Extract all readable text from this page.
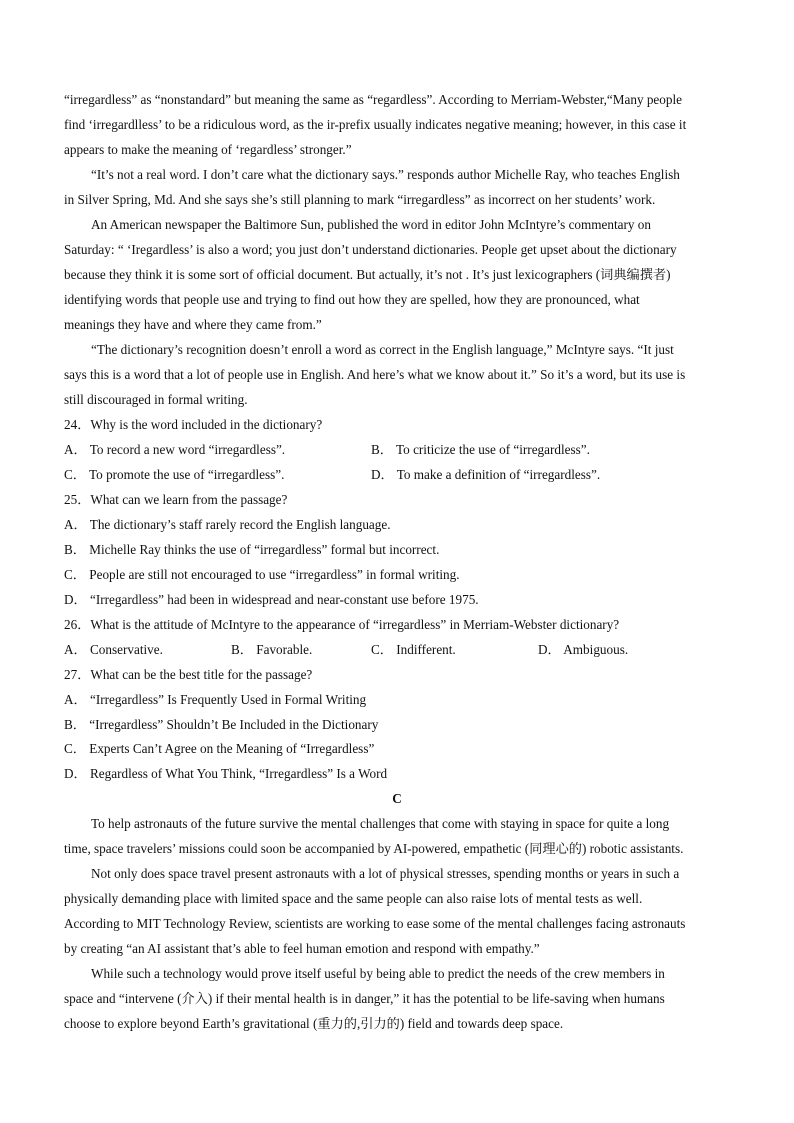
“irregardless” as “nonstandard” but meaning the same as “regardless”. According to Merriam-Webster,“Many people
find ‘irregardlless’ to be a ridiculous word, as the ir-prefix usually indicates negative meaning; however, in this case it
appears to make the meaning of ‘regardless’ stronger.”
“It’s not a real word. I don’t care what the dictionary says.” responds author Michelle Ray, who teaches English
in Silver Spring, Md. And she says she’s still planning to mark “irregardless” as incorrect on her students’ work.
An American newspaper the Baltimore Sun, published the word in editor John McIntyre’s commentary on
Saturday: “ ‘Iregardless’ is also a word; you just don’t understand dictionaries. People get upset about the dictionary
because they think it is some sort of official document. But actually, it’s not . It’s just lexicographers (词典编撰者)
identifying words that people use and trying to find out how they are spelled, how they are pronounced, what
meanings they have and where they came from.”
“The dictionary’s recognition doesn’t enroll a word as correct in the English language,” McIntyre says. “It just
says this is a word that a lot of people use in English. And here’s what we know about it.” So it’s a word, but its use is
still discouraged in formal writing.
24．Why is the word included in the dictionary?
A． To record a new word “irregardless”.	B． To criticize the use of “irregardless”.
C． To promote the use of “irregardless”.	D． To make a definition of “irregardless”.
25．What can we learn from the passage?
A． The dictionary’s staff rarely record the English language.
B． Michelle Ray thinks the use of “irregardless” formal but incorrect.
C． People are still not encouraged to use “irregardless” in formal writing.
D． “Irregardless” had been in widespread and near-constant use before 1975.
26．What is the attitude of McIntyre to the appearance of “irregardless” in Merriam-Webster dictionary?
A． Conservative.	B． Favorable.	C． Indifferent.	D． Ambiguous.
27．What can be the best title for the passage?
A． “Irregardless” Is Frequently Used in Formal Writing
B． “Irregardless” Shouldn’t Be Included in the Dictionary
C． Experts Can’t Agree on the Meaning of “Irregardless”
D． Regardless of What You Think, “Irregardless” Is a Word
C
To help astronauts of the future survive the mental challenges that come with staying in space for quite a long
time, space travelers’ missions could soon be accompanied by AI-powered, empathetic (同理心的) robotic assistants.
Not only does space travel present astronauts with a lot of physical stresses, spending months or years in such a
physically demanding place with limited space and the same people can also raise lots of mental tests as well.
According to MIT Technology Review, scientists are working to ease some of the mental challenges facing astronauts
by creating “an AI assistant that’s able to feel human emotion and respond with empathy.”
While such a technology would prove itself useful by being able to predict the needs of the crew members in
space and “intervene (介入) if their mental health is in danger,” it has the potential to be life-saving when humans
choose to explore beyond Earth’s gravitational (重力的,引力的) field and towards deep space.
